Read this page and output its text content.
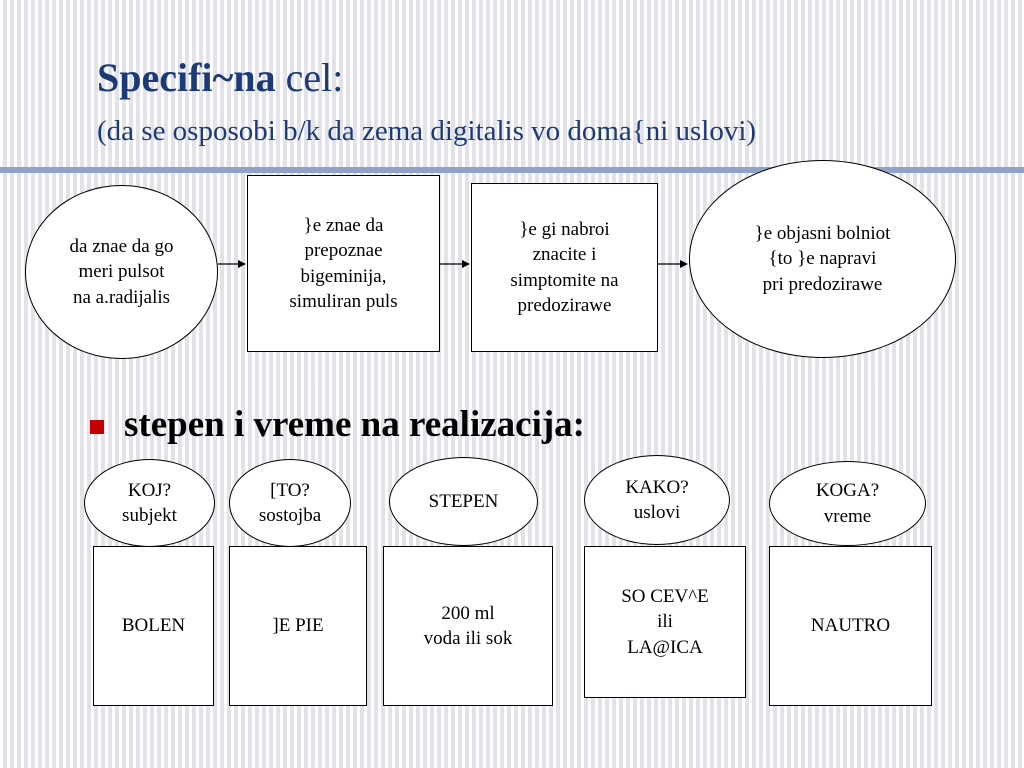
Specifi~na cel:
(da se osposobi b/k da zema digitalis vo doma{ni uslovi)
da znae da go
meri pulsot
na a.radijalis
}e znae da
prepoznae
bigeminija,
simuliran puls
}e gi nabroi
znacite i
simptomite na
predozirawe
}e objasni bolniot
{to }e napravi
pri predozirawe
stepen i vreme na realizacija:
KOJ?
subjekt
[TO?
sostojba
STEPEN
KAKO?
uslovi
KOGA?
vreme
BOLEN	]E PIE
200 ml
voda ili sok
SO CEV^E
ili
LA@ICA
NAUTRO
